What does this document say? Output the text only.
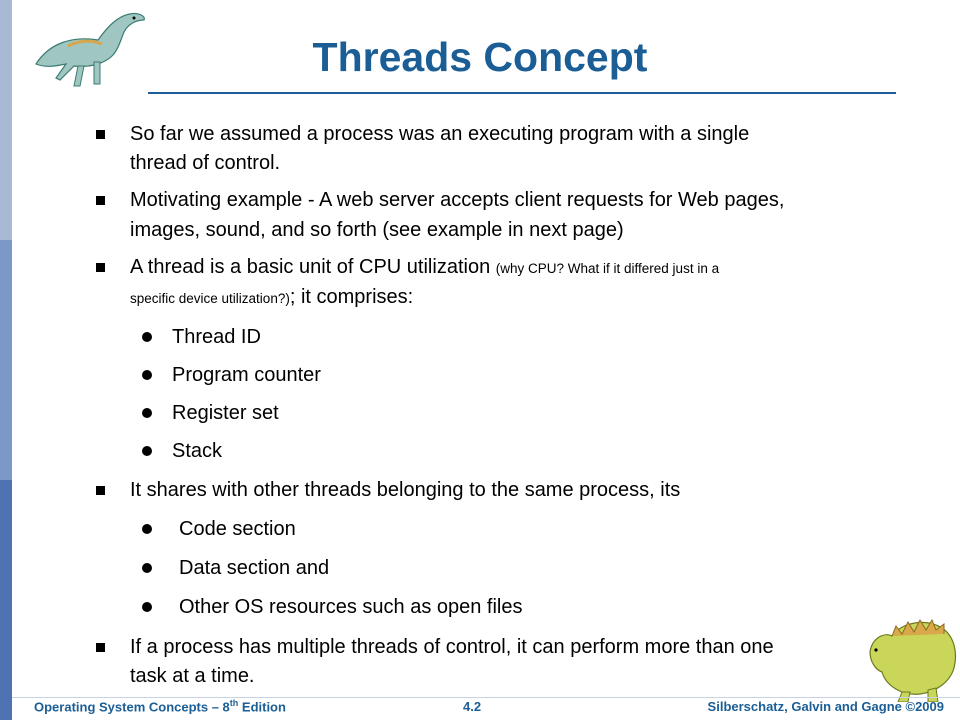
Threads Concept
So far we assumed a process was an executing program with a single
thread of control.
Motivating example - A web server accepts client requests for Web pages,
images, sound, and so forth (see example in next page)
A thread is a basic unit of CPU utilization (why CPU? What if it differed just in a
specific device utilization?); it comprises:
Thread ID
Program counter
Register set
Stack
It shares with other threads belonging to the same process, its
Code section
Data section and
Other OS resources such as open files
If a process has multiple threads of control, it can perform more than one
task at a time.
Operating System Concepts – 8th Edition	4.2	Silberschatz, Galvin and Gagne ©2009
